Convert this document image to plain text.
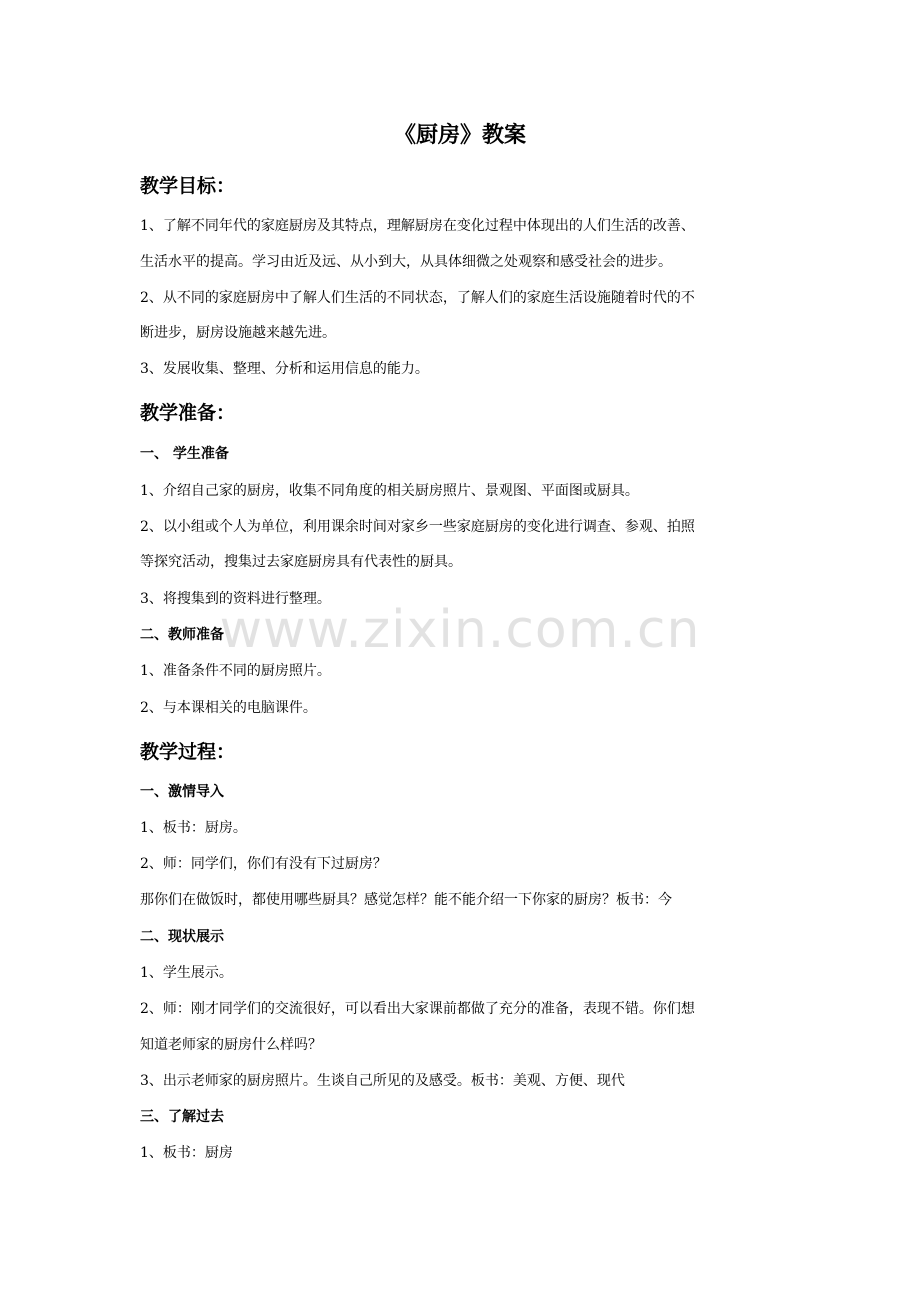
《厨房》教案
教学目标：
1、了解不同年代的家庭厨房及其特点，理解厨房在变化过程中体现出的人们生活的改善、
生活水平的提高。学习由近及远、从小到大，从具体细微之处观察和感受社会的进步。
2、从不同的家庭厨房中了解人们生活的不同状态，了解人们的家庭生活设施随着时代的不
断进步，厨房设施越来越先进。
3、发展收集、整理、分析和运用信息的能力。
教学准备：
一、 学生准备
1、介绍自己家的厨房，收集不同角度的相关厨房照片、景观图、平面图或厨具。
2、以小组或个人为单位，利用课余时间对家乡一些家庭厨房的变化进行调查、参观、拍照
等探究活动，搜集过去家庭厨房具有代表性的厨具。
3、将搜集到的资料进行整理。
二、教师准备
1、准备条件不同的厨房照片。
2、与本课相关的电脑课件。
教学过程：
一、激情导入
1、板书：厨房。
2、师：同学们，你们有没有下过厨房？
那你们在做饭时，都使用哪些厨具？感觉怎样？能不能介绍一下你家的厨房？板书：今
二、现状展示
1、学生展示。
2、师：刚才同学们的交流很好，可以看出大家课前都做了充分的准备，表现不错。你们想
知道老师家的厨房什么样吗？
3、出示老师家的厨房照片。生谈自己所见的及感受。板书：美观、方便、现代
三、了解过去
1、板书：厨房
www.zixin.com.cn
